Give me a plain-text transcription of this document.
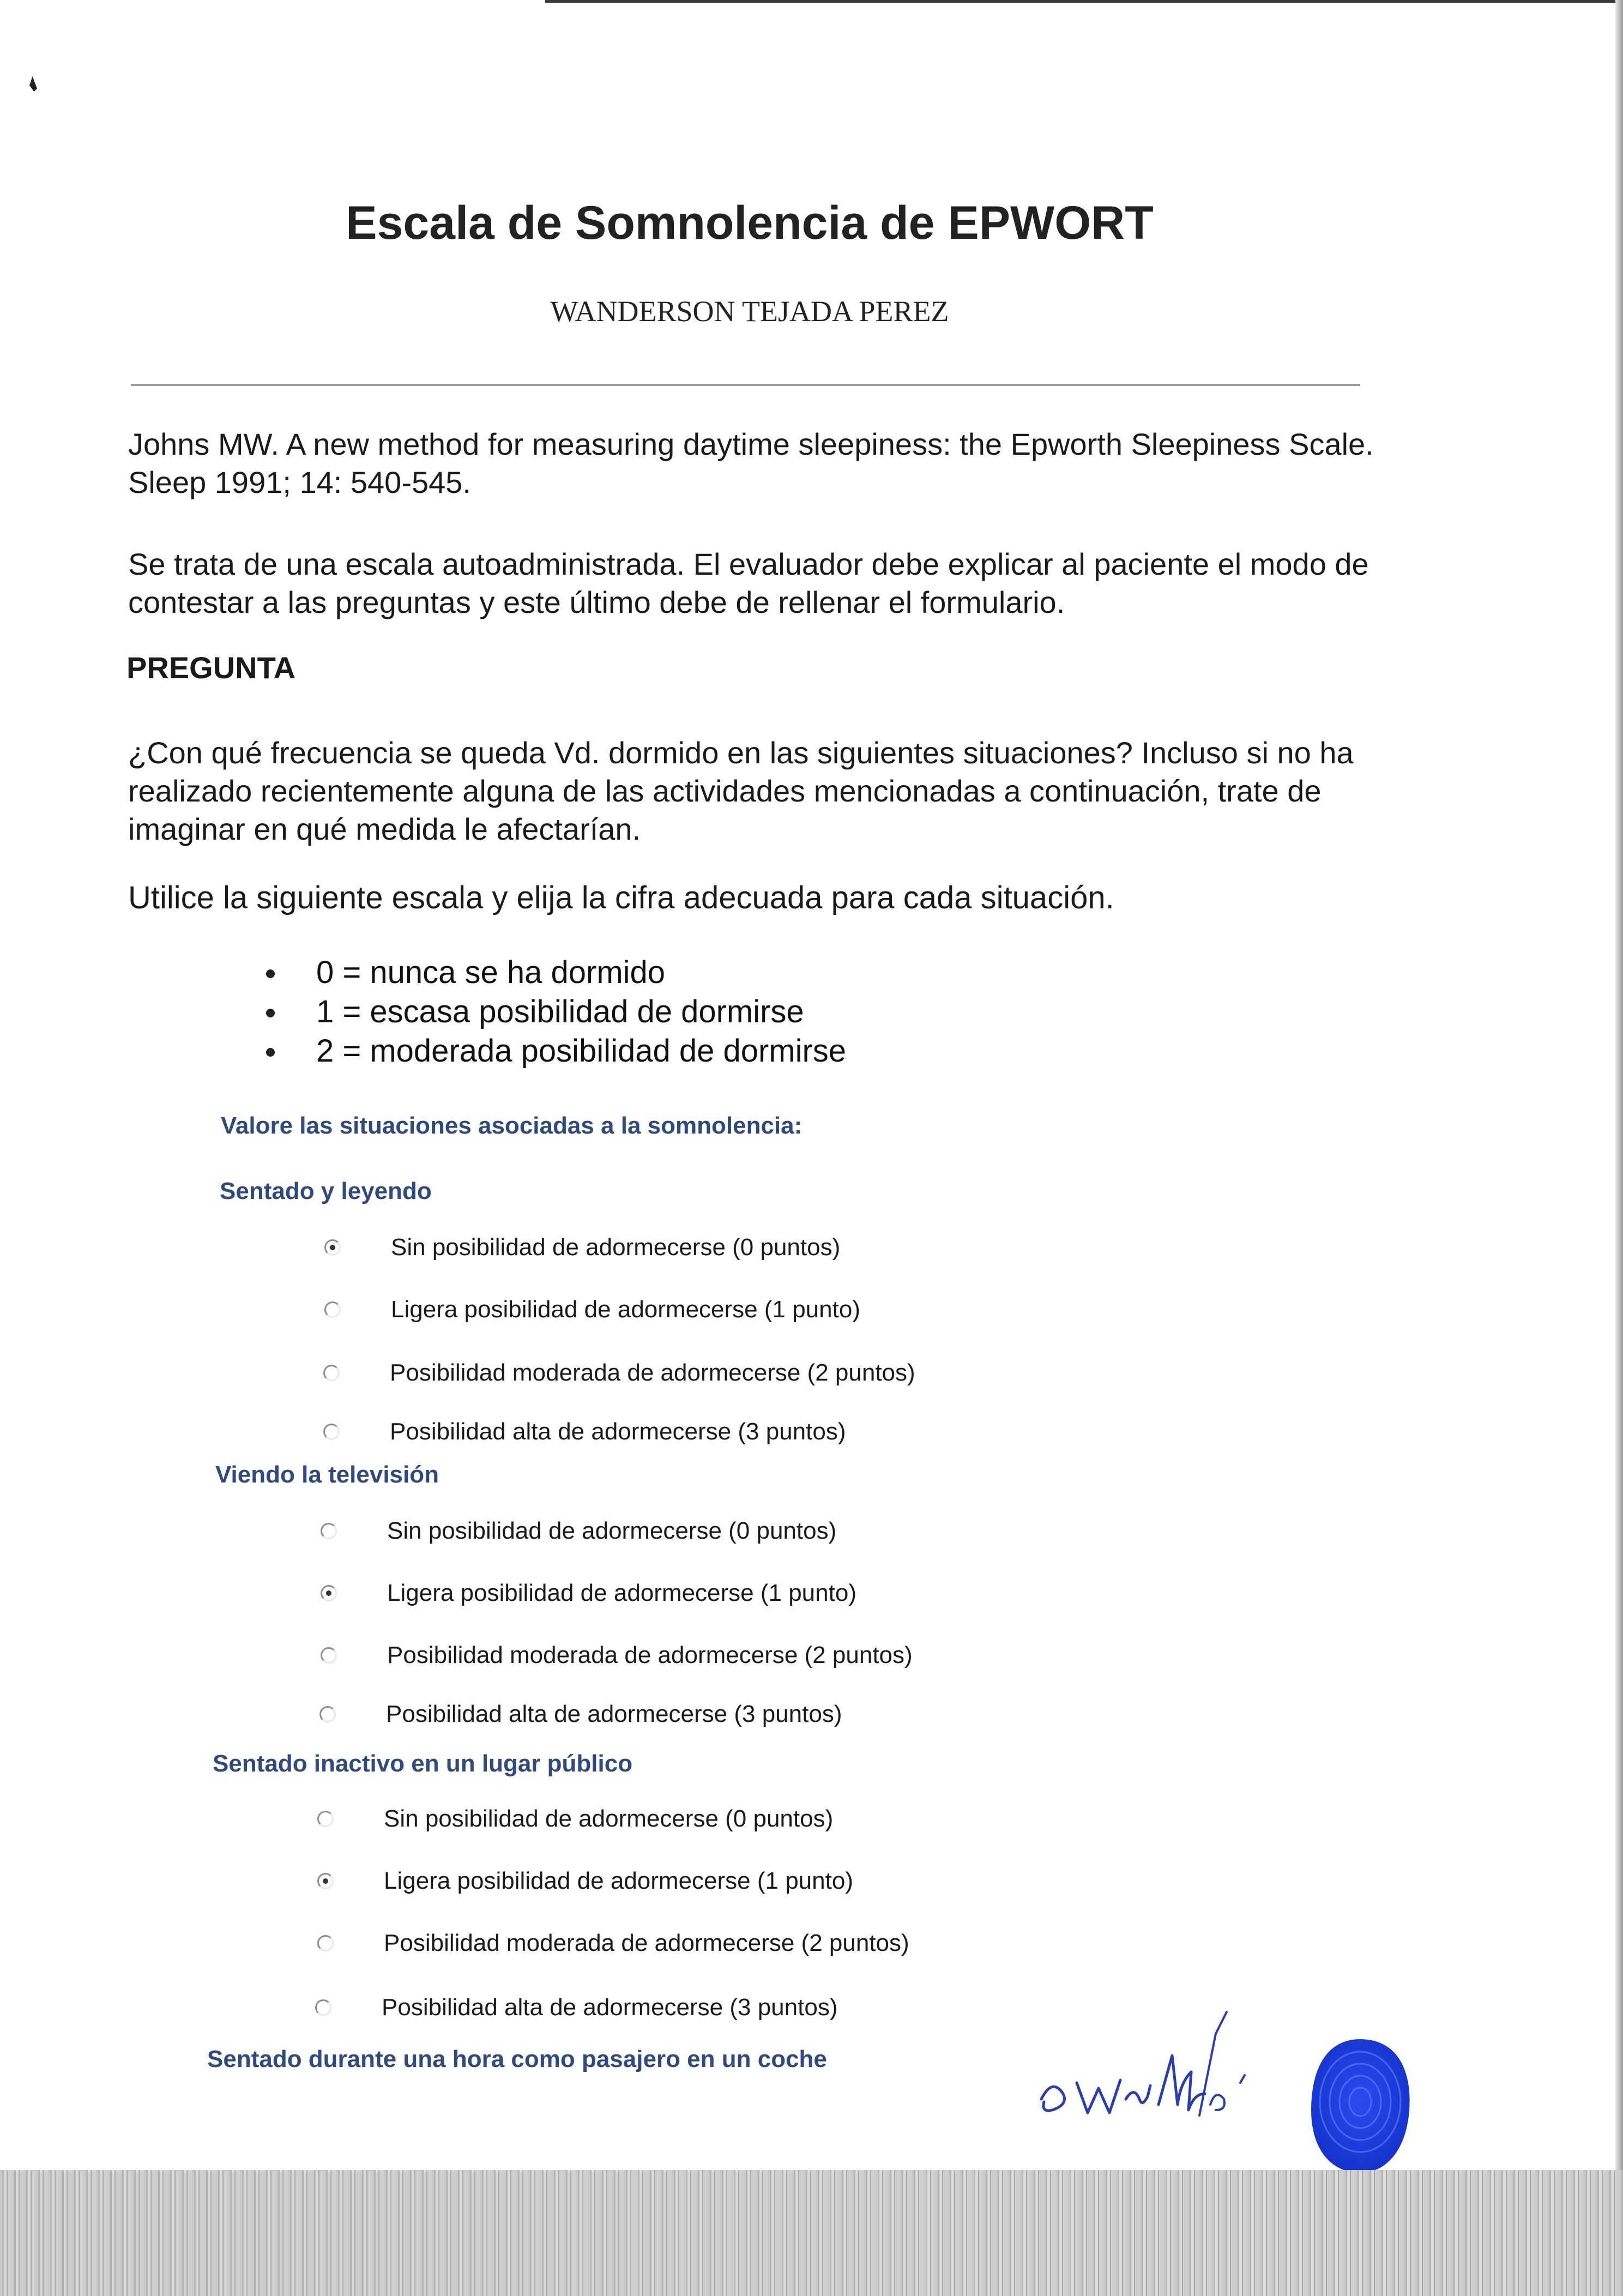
Escala de Somnolencia de EPWORT
WANDERSON TEJADA PEREZ
Johns MW. A new method for measuring daytime sleepiness: the Epworth Sleepiness Scale. Sleep 1991; 14: 540-545.
Se trata de una escala autoadministrada. El evaluador debe explicar al paciente el modo de contestar a las preguntas y este último debe de rellenar el formulario.
PREGUNTA
¿Con qué frecuencia se queda Vd. dormido en las siguientes situaciones? Incluso si no ha realizado recientemente alguna de las actividades mencionadas a continuación, trate de imaginar en qué medida le afectarían.
Utilice la siguiente escala y elija la cifra adecuada para cada situación.
0 = nunca se ha dormido
1 = escasa posibilidad de dormirse
2 = moderada posibilidad de dormirse
Valore las situaciones asociadas a la somnolencia:
Sentado y leyendo
Sin posibilidad de adormecerse (0 puntos)
Ligera posibilidad de adormecerse (1 punto)
Posibilidad moderada de adormecerse (2 puntos)
Posibilidad alta de adormecerse (3 puntos)
Viendo la televisión
Sin posibilidad de adormecerse (0 puntos)
Ligera posibilidad de adormecerse (1 punto)
Posibilidad moderada de adormecerse (2 puntos)
Posibilidad alta de adormecerse (3 puntos)
Sentado inactivo en un lugar público
Sin posibilidad de adormecerse (0 puntos)
Ligera posibilidad de adormecerse (1 punto)
Posibilidad moderada de adormecerse (2 puntos)
Posibilidad alta de adormecerse (3 puntos)
Sentado durante una hora como pasajero en un coche
